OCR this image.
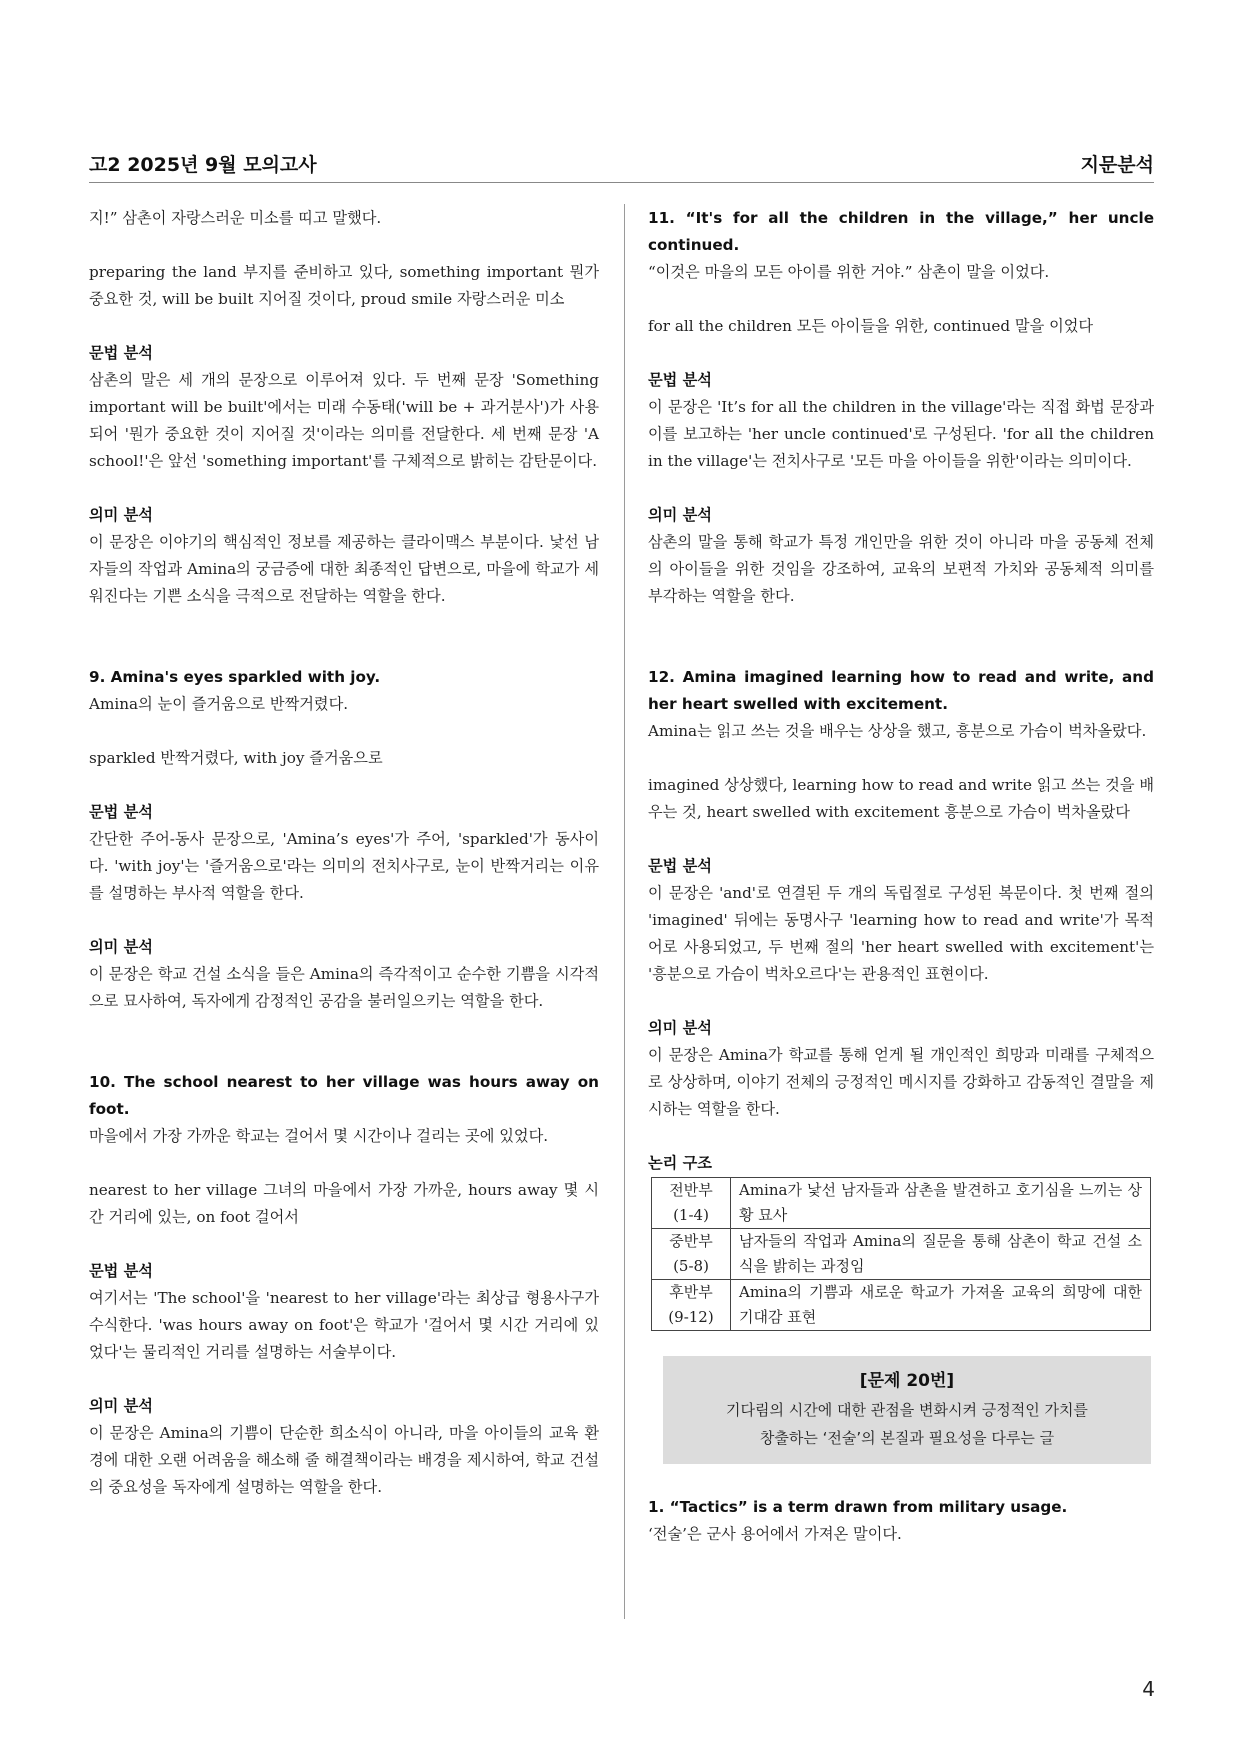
고2 2025년 9월 모의고사	지문분석

지!” 삼촌이 자랑스러운 미소를 띠고 말했다.

preparing the land 부지를 준비하고 있다, something important 뭔가 중요한 것, will be built 지어질 것이다, proud smile 자랑스러운 미소

문법 분석

삼촌의 말은 세 개의 문장으로 이루어져 있다. 두 번째 문장 'Something important will be built'에서는 미래 수동태('will be + 과거분사')가 사용되어 '뭔가 중요한 것이 지어질 것'이라는 의미를 전달한다. 세 번째 문장 'A school!'은 앞선 'something important'를 구체적으로 밝히는 감탄문이다.

의미 분석

이 문장은 이야기의 핵심적인 정보를 제공하는 클라이맥스 부분이다. 낯선 남자들의 작업과 Amina의 궁금증에 대한 최종적인 답변으로, 마을에 학교가 세워진다는 기쁜 소식을 극적으로 전달하는 역할을 한다.

9. Amina's eyes sparkled with joy.

Amina의 눈이 즐거움으로 반짝거렸다.

sparkled 반짝거렸다, with joy 즐거움으로

문법 분석

간단한 주어-동사 문장으로, 'Amina’s eyes'가 주어, 'sparkled'가 동사이다. 'with joy'는 '즐거움으로'라는 의미의 전치사구로, 눈이 반짝거리는 이유를 설명하는 부사적 역할을 한다.

의미 분석

이 문장은 학교 건설 소식을 들은 Amina의 즉각적이고 순수한 기쁨을 시각적으로 묘사하여, 독자에게 감정적인 공감을 불러일으키는 역할을 한다.

10. The school nearest to her village was hours away on foot.

마을에서 가장 가까운 학교는 걸어서 몇 시간이나 걸리는 곳에 있었다.

nearest to her village 그녀의 마을에서 가장 가까운, hours away 몇 시간 거리에 있는, on foot 걸어서

문법 분석

여기서는 'The school'을 'nearest to her village'라는 최상급 형용사구가 수식한다. 'was hours away on foot'은 학교가 '걸어서 몇 시간 거리에 있었다'는 물리적인 거리를 설명하는 서술부이다.

의미 분석

이 문장은 Amina의 기쁨이 단순한 희소식이 아니라, 마을 아이들의 교육 환경에 대한 오랜 어려움을 해소해 줄 해결책이라는 배경을 제시하여, 학교 건설의 중요성을 독자에게 설명하는 역할을 한다.

11. “It's for all the children in the village,” her uncle continued.

“이것은 마을의 모든 아이를 위한 거야.” 삼촌이 말을 이었다.

for all the children 모든 아이들을 위한, continued 말을 이었다

문법 분석

이 문장은 'It’s for all the children in the village'라는 직접 화법 문장과 이를 보고하는 'her uncle continued'로 구성된다. 'for all the children in the village'는 전치사구로 '모든 마을 아이들을 위한'이라는 의미이다.

의미 분석

삼촌의 말을 통해 학교가 특정 개인만을 위한 것이 아니라 마을 공동체 전체의 아이들을 위한 것임을 강조하여, 교육의 보편적 가치와 공동체적 의미를 부각하는 역할을 한다.

12. Amina imagined learning how to read and write, and her heart swelled with excitement.

Amina는 읽고 쓰는 것을 배우는 상상을 했고, 흥분으로 가슴이 벅차올랐다.

imagined 상상했다, learning how to read and write 읽고 쓰는 것을 배우는 것, heart swelled with excitement 흥분으로 가슴이 벅차올랐다

문법 분석

이 문장은 'and'로 연결된 두 개의 독립절로 구성된 복문이다. 첫 번째 절의 'imagined' 뒤에는 동명사구 'learning how to read and write'가 목적어로 사용되었고, 두 번째 절의 'her heart swelled with excitement'는 '흥분으로 가슴이 벅차오르다'는 관용적인 표현이다.

의미 분석

이 문장은 Amina가 학교를 통해 얻게 될 개인적인 희망과 미래를 구체적으로 상상하며, 이야기 전체의 긍정적인 메시지를 강화하고 감동적인 결말을 제시하는 역할을 한다.

논리 구조

전반부
(1-4)	Amina가 낯선 남자들과 삼촌을 발견하고 호기심을 느끼는 상황 묘사
중반부
(5-8)	남자들의 작업과 Amina의 질문을 통해 삼촌이 학교 건설 소식을 밝히는 과정임
후반부
(9-12)	Amina의 기쁨과 새로운 학교가 가져올 교육의 희망에 대한 기대감 표현
[문제 20번]
기다림의 시간에 대한 관점을 변화시켜 긍정적인 가치를
창출하는 ‘전술’의 본질과 필요성을 다루는 글

1. “Tactics” is a term drawn from military usage.

‘전술’은 군사 용어에서 가져온 말이다.

4
